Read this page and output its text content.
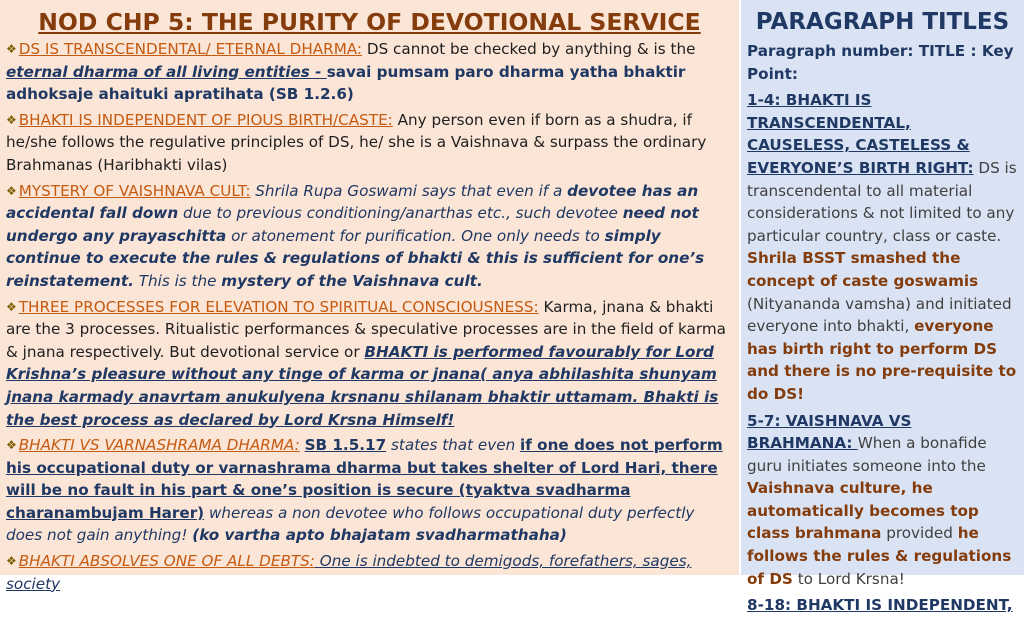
NOD CHP 5: THE PURITY OF DEVOTIONAL SERVICE
❖ DS IS TRANSCENDENTAL/ ETERNAL DHARMA: DS cannot be checked by anything & is the eternal dharma of all living entities - savai pumsam paro dharma yatha bhaktir adhoksaje ahaituki apratihata (SB 1.2.6)
❖ BHAKTI IS INDEPENDENT OF PIOUS BIRTH/CASTE: Any person even if born as a shudra, if he/she follows the regulative principles of DS, he/ she is a Vaishnava & surpass the ordinary Brahmanas (Haribhakti vilas)
❖ MYSTERY OF VAISHNAVA CULT: Shrila Rupa Goswami says that even if a devotee has an accidental fall down due to previous conditioning/anarthas etc., such devotee need not undergo any prayaschitta or atonement for purification. One only needs to simply continue to execute the rules & regulations of bhakti & this is sufficient for one’s reinstatement. This is the mystery of the Vaishnava cult.
❖ THREE PROCESSES FOR ELEVATION TO SPIRITUAL CONSCIOUSNESS: Karma, jnana & bhakti are the 3 processes. Ritualistic performances & speculative processes are in the field of karma & jnana respectively. But devotional service or BHAKTI is performed favourably for Lord Krishna’s pleasure without any tinge of karma or jnana( anya abhilashita shunyam jnana karmady anavrtam anukulyena krsnanu shilanam bhaktir uttamam. Bhakti is the best process as declared by Lord Krsna Himself!
❖ BHAKTI VS VARNASHRAMA DHARMA: SB 1.5.17 states that even if one does not perform his occupational duty or varnashrama dharma but takes shelter of Lord Hari, there will be no fault in his part & one’s position is secure (tyaktva svadharma charanambujam Harer) whereas a non devotee who follows occupational duty perfectly does not gain anything! (ko vartha apto bhajatam svadharmathaha)
❖ BHAKTI ABSOLVES ONE OF ALL DEBTS: One is indebted to demigods, forefathers, sages, society
PARAGRAPH TITLES
Paragraph number: TITLE : Key Point:
1-4: BHAKTI IS TRANSCENDENTAL, CAUSELESS, CASTELESS & EVERYONE’S BIRTH RIGHT: DS is transcendental to all material considerations & not limited to any particular country, class or caste. Shrila BSST smashed the concept of caste goswamis (Nityananda vamsha) and initiated everyone into bhakti, everyone has birth right to perform DS and there is no pre-requisite to do DS!
5-7: VAISHNAVA VS BRAHMANA: When a bonafide guru initiates someone into the Vaishnava culture, he automatically becomes top class brahmana provided he follows the rules & regulations of DS to Lord Krsna!
8-18: BHAKTI IS INDEPENDENT,
